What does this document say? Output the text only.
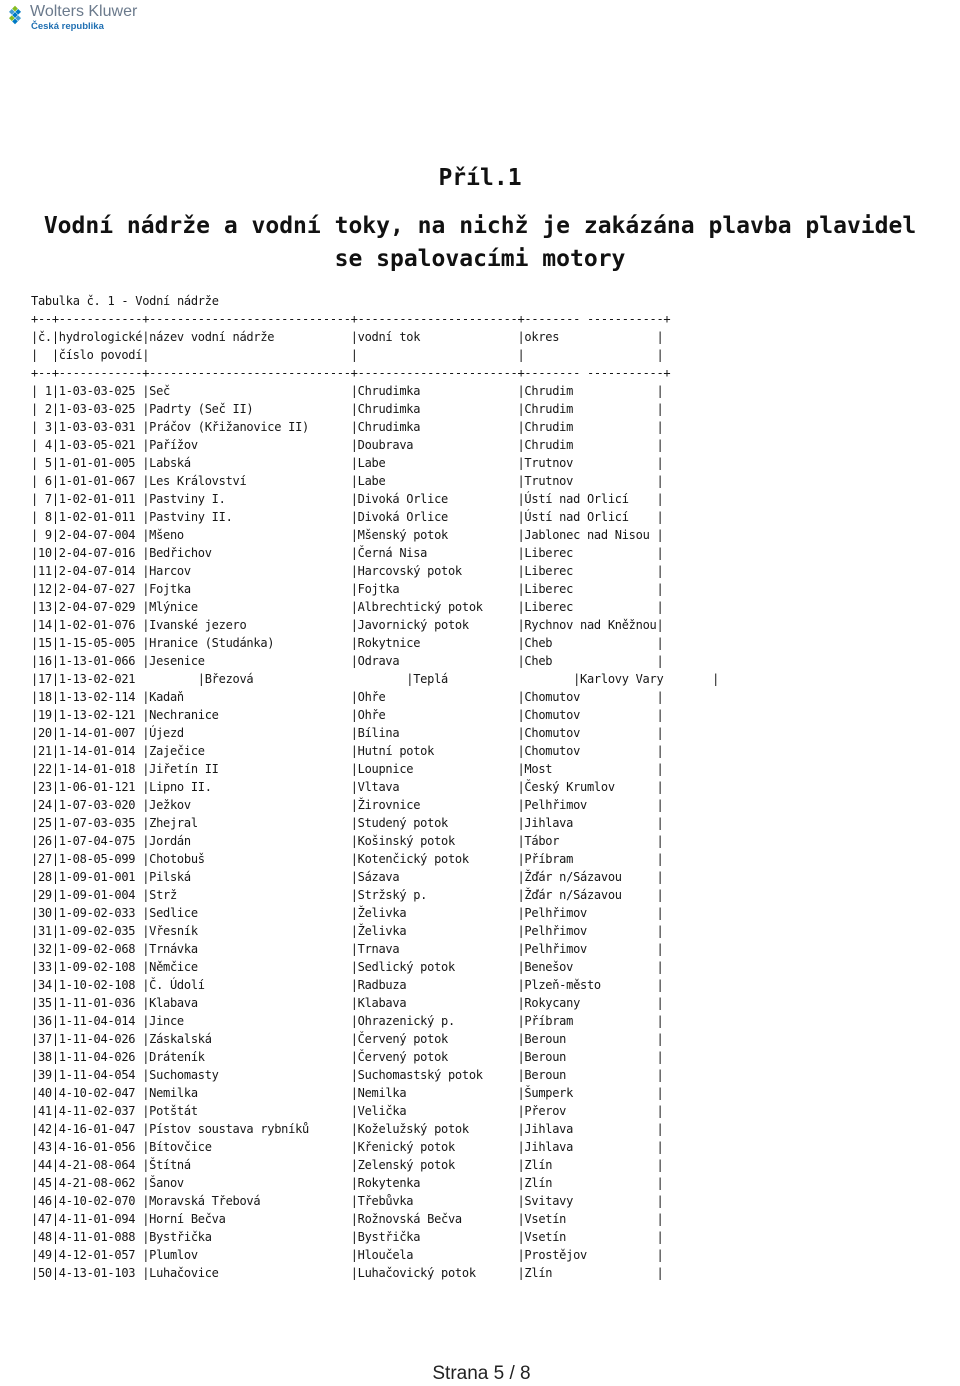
Wolters Kluwer
Česká republika
Příl.1
Vodní nádrže a vodní toky, na nichž je zakázána plavba plavidel
se spalovacími motory
Tabulka č. 1 - Vodní nádrže
+--+------------+-----------------------------+-----------------------+-------- -----------+
| č. | hydrologické | název vodní nádrže	| vodní tok	| okres
|
|
| číslo povodí
|
|
|
|
+--+------------+-----------------------------+-----------------------+-------- -----------+
| 1 | 1-03-03-025	| Seč	| Chrudimka	| Chrudim
|
| 2 | 1-03-03-025	| Padrty (Seč II)	| Chrudimka	| Chrudim
|
| 3 | 1-03-03-031	| Práčov (Křižanovice II)	| Chrudimka	| Chrudim
|
| 4 | 1-03-05-021	| Pařížov	| Doubrava	| Chrudim
|
| 5 | 1-01-01-005	| Labská	| Labe	| Trutnov
|
| 6 | 1-01-01-067	| Les Království	| Labe	| Trutnov
|
| 7 | 1-02-01-011	| Pastviny I.	| Divoká Orlice	| Ústí nad Orlicí
|
| 8 | 1-02-01-011	| Pastviny II.	| Divoká Orlice	| Ústí nad Orlicí
|
| 9 | 2-04-07-004	| Mšeno	| Mšenský potok	| Jablonec nad Nisou
|
| 10 | 2-04-07-016	| Bedřichov	| Černá Nisa	| Liberec
|
| 11 | 2-04-07-014	| Harcov	| Harcovský potok	| Liberec
|
| 12 | 2-04-07-027	| Fojtka	| Fojtka	| Liberec
|
| 13 | 2-04-07-029	| Mlýnice	| Albrechtický potok	| Liberec
|
| 14 | 1-02-01-076	| Ivanské jezero	| Javornický potok	| Rychnov nad Kněžnou
|
| 15 | 1-15-05-005	| Hranice (Studánka)	| Rokytnice	| Cheb
|
| 16 | 1-13-01-066	| Jesenice	| Odrava	| Cheb
|
| 17 | 1-13-02-021	| Březová	| Teplá	| Karlovy Vary
|
| 18 | 1-13-02-114	| Kadaň	| Ohře	| Chomutov
|
| 19 | 1-13-02-121	| Nechranice	| Ohře	| Chomutov
|
| 20 | 1-14-01-007	| Újezd	| Bílina	| Chomutov
|
| 21 | 1-14-01-014	| Zaječice	| Hutní potok	| Chomutov
|
| 22 | 1-14-01-018	| Jiřetín II	| Loupnice	| Most
|
| 23 | 1-06-01-121	| Lipno II.	| Vltava	| Český Krumlov
|
| 24 | 1-07-03-020	| Ježkov	| Žirovnice	| Pelhřimov
|
| 25 | 1-07-03-035	| Zhejral	| Studený potok	| Jihlava
|
| 26 | 1-07-04-075	| Jordán	| Košinský potok	| Tábor
|
| 27 | 1-08-05-099	| Chotobuš	| Kotenčický potok	| Příbram
|
| 28 | 1-09-01-001	| Pilská	| Sázava	| Žďár n/Sázavou
|
| 29 | 1-09-01-004	| Strž	| Stržský p.	| Žďár n/Sázavou
|
| 30 | 1-09-02-033	| Sedlice	| Želivka	| Pelhřimov
|
| 31 | 1-09-02-035	| Vřesník	| Želivka	| Pelhřimov
|
| 32 | 1-09-02-068	| Trnávka	| Trnava	| Pelhřimov
|
| 33 | 1-09-02-108	| Němčice	| Sedlický potok	| Benešov
|
| 34 | 1-10-02-108	| Č. Údolí	| Radbuza	| Plzeň-město
|
| 35 | 1-11-01-036	| Klabava	| Klabava	| Rokycany
|
| 36 | 1-11-04-014	| Jince	| Ohrazenický p.	| Příbram
|
| 37 | 1-11-04-026	| Záskalská	| Červený potok	| Beroun
|
| 38 | 1-11-04-026	| Dráteník	| Červený potok	| Beroun
|
| 39 | 1-11-04-054	| Suchomasty	| Suchomastský potok	| Beroun
|
| 40 | 4-10-02-047	| Nemilka	| Nemilka	| Šumperk
|
| 41 | 4-11-02-037	| Potštát	| Velička	| Přerov
|
| 42 | 4-16-01-047	| Pístov soustava rybníků	| Koželužský potok	| Jihlava
|
| 43 | 4-16-01-056	| Bítovčice	| Křenický potok	| Jihlava
|
| 44 | 4-21-08-064	| Štítná	| Zelenský potok	| Zlín
|
| 45 | 4-21-08-062	| Šanov	| Rokytenka	| Zlín
|
| 46 | 4-10-02-070	| Moravská Třebová	| Třebůvka	| Svitavy
|
| 47 | 4-11-01-094	| Horní Bečva	| Rožnovská Bečva	| Vsetín
|
| 48 | 4-11-01-088	| Bystřička	| Bystřička	| Vsetín
|
| 49 | 4-12-01-057	| Plumlov	| Hloučela	| Prostějov
|
| 50 | 4-13-01-103	| Luhačovice	| Luhačovický potok	| Zlín
|
Strana 5 / 8
